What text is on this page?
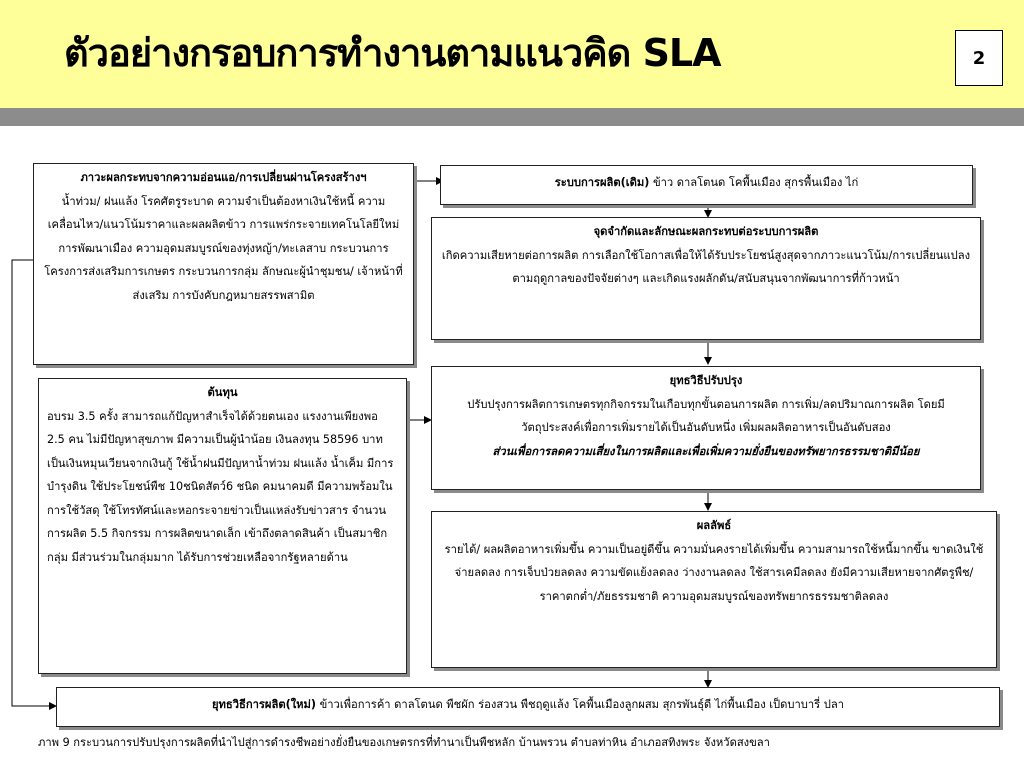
ตัวอย่างกรอบการทำงานตามแนวคิด SLA	2

ภาวะผลกระทบจากความอ่อนแอ/การเปลี่ยนผ่านโครงสร้างฯ

น้ำท่วม/ ฝนแล้ง โรคศัตรูระบาด ความจำเป็นต้องหาเงินใช้หนี้ ความเคลื่อนไหว/แนวโน้มราคาและผลผลิตข้าว การแพร่กระจายเทคโนโลยีใหม่ การพัฒนาเมือง ความอุดมสมบูรณ์ของทุ่งหญ้า/ทะเลสาบ กระบวนการโครงการส่งเสริมการเกษตร กระบวนการกลุ่ม ลักษณะผู้นำชุมชน/ เจ้าหน้าที่ส่งเสริม การบังคับกฎหมายสรรพสามิต

ต้นทุน

อบรม 3.5 ครั้ง สามารถแก้ปัญหาสำเร็จได้ด้วยตนเอง แรงงานเพียงพอ 2.5 คน ไม่มีปัญหาสุขภาพ มีความเป็นผู้นำน้อย เงินลงทุน 58596 บาท เป็นเงินหมุนเวียนจากเงินกู้ ใช้น้ำฝนมีปัญหาน้ำท่วม ฝนแล้ง น้ำเค็ม มีการบำรุงดิน ใช้ประโยชน์พืช 10ชนิดสัตว์6 ชนิด คมนาคมดี มีความพร้อมในการใช้วัสดุ ใช้โทรทัศน์และหอกระจายข่าวเป็นแหล่งรับข่าวสาร จำนวนการผลิต 5.5 กิจกรรม การผลิตขนาดเล็ก เข้าถึงตลาดสินค้า เป็นสมาชิกกลุ่ม มีส่วนร่วมในกลุ่มมาก ได้รับการช่วยเหลือจากรัฐหลายด้าน

ระบบการผลิต(เดิม) ข้าว ดาลโตนด โคพื้นเมือง สุกรพื้นเมือง ไก่

จุดจำกัดและลักษณะผลกระทบต่อระบบการผลิต

เกิดความเสียหายต่อการผลิต การเลือกใช้โอกาสเพื่อให้ได้รับประโยชน์สูงสุดจากภาวะแนวโน้ม/การเปลี่ยนแปลงตามฤดูกาลของปัจจัยต่างๆ และเกิดแรงผลักดัน/สนับสนุนจากพัฒนาการที่ก้าวหน้า

ยุทธวิธีปรับปรุง

ปรับปรุงการผลิตการเกษตรทุกกิจกรรมในเกือบทุกขั้นตอนการผลิต การเพิ่ม/ลดปริมาณการผลิต โดยมีวัตถุประสงค์เพื่อการเพิ่มรายได้เป็นอันดับหนึ่ง เพิ่มผลผลิตอาหารเป็นอันดับสอง

ส่วนเพื่อการลดความเสี่ยงในการผลิตและเพื่อเพิ่มความยั่งยืนของทรัพยากรธรรมชาติมีน้อย

ผลลัพธ์

รายได้/ ผลผลิตอาหารเพิ่มขึ้น ความเป็นอยู่ดีขึ้น ความมั่นคงรายได้เพิ่มขึ้น ความสามารถใช้หนี้มากขึ้น ขาดเงินใช้จ่ายลดลง การเจ็บป่วยลดลง ความขัดแย้งลดลง ว่างงานลดลง ใช้สารเคมีลดลง ยังมีความเสียหายจากศัตรูพืช/ ราคาตกต่ำ/ภัยธรรมชาติ ความอุดมสมบูรณ์ของทรัพยากรธรรมชาติลดลง

ยุทธวิธีการผลิต(ใหม่) ข้าวเพื่อการค้า ดาลโตนด พืชผัก ร่องสวน พืชฤดูแล้ง โคพื้นเมืองลูกผสม สุกรพันธุ์ดี ไก่พื้นเมือง เป็ดบาบารี่ ปลา
ภาพ 9 กระบวนการปรับปรุงการผลิตที่นำไปสู่การดำรงชีพอย่างยั่งยืนของเกษตรกรที่ทำนาเป็นพืชหลัก บ้านพรวน ตำบลท่าหิน อำเภอสทิงพระ จังหวัดสงขลา
